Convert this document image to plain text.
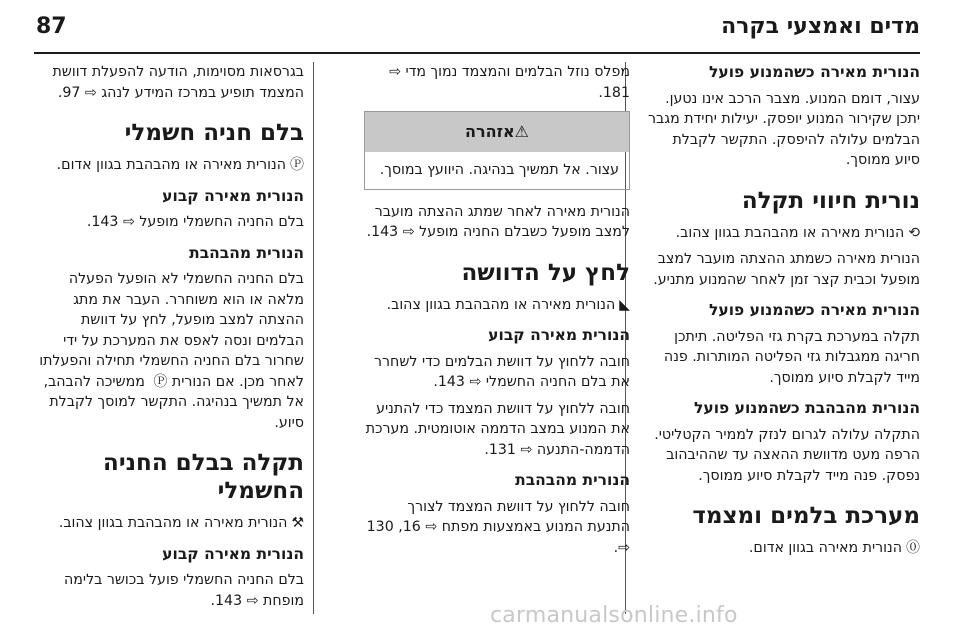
87	מדים ואמצעי בקרה
הנורית מאירה כשהמנוע פועל
עצור, דומם המנוע. מצבר הרכב אינו נטען. יתכן שקירור המנוע יופסק. יעילות יחידת מגבר הבלמים עלולה להיפסק. התקשר לקבלת סיוע ממוסך.
נורית חיווי תקלה
⟲הנורית מאירה או מהבהבת בגוון צהוב.
הנורית מאירה כשמתג ההצתה מועבר למצב מופעל וכבית קצר זמן לאחר שהמנוע מתניע.
הנורית מאירה כשהמנוע פועל
תקלה במערכת בקרת גזי הפליטה. תיתכן חריגה ממגבלות גזי הפליטה המותרות. פנה מייד לקבלת סיוע ממוסך.
הנורית מהבהבת כשהמנוע פועל
התקלה עלולה לגרום לנזק לממיר הקטליטי. הרפה מעט מדוושת ההאצה עד שההיבהוב נפסק. פנה מייד לקבלת סיוע ממוסך.
מערכת בלמים ומצמד
⓪הנורית מאירה בגוון אדום.
מפלס נוזל הבלמים והמצמד נמוך מדי ⇨ 181.
⚠אזהרה
עצור. אל תמשיך בנהיגה. היוועץ במוסך.
הנורית מאירה לאחר שמתג ההצתה מועבר למצב מופעל כשבלם החניה מופעל ⇨ 143.
לחץ על הדוושה
◣הנורית מאירה או מהבהבת בגוון צהוב.
הנורית מאירה קבוע
חובה ללחוץ על דוושת הבלמים כדי לשחרר את בלם החניה החשמלי ⇨ 143.
חובה ללחוץ על דוושת המצמד כדי להתניע את המנוע במצב הדממה אוטומטית. מערכת הדממה-התנעה ⇨ 131.
הנורית מהבהבת
חובה ללחוץ על דוושת המצמד לצורך התנעת המנוע באמצעות מפתח ⇨ 16, 130 ⇨.
בגרסאות מסוימות, הודעה להפעלת דוושת המצמד תופיע במרכז המידע לנהג ⇨ 97.
בלם חניה חשמלי
Ⓟהנורית מאירה או מהבהבת בגוון אדום.
הנורית מאירה קבוע
בלם החניה החשמלי מופעל ⇨ 143.
הנורית מהבהבת
בלם החניה החשמלי לא הופעל הפעלה מלאה או הוא משוחרר. העבר את מתג ההצתה למצב מופעל, לחץ על דוושת הבלמים ונסה לאפס את המערכת על ידי שחרור בלם החניה החשמלי תחילה והפעלתו לאחר מכן. אם הנורית Ⓟ ממשיכה להבהב, אל תמשיך בנהיגה. התקשר למוסך לקבלת סיוע.
תקלה בבלם החניה החשמלי
⚒הנורית מאירה או מהבהבת בגוון צהוב.
הנורית מאירה קבוע
בלם החניה החשמלי פועל בכושר בלימה מופחת ⇨ 143.
carmanualsonline.info
